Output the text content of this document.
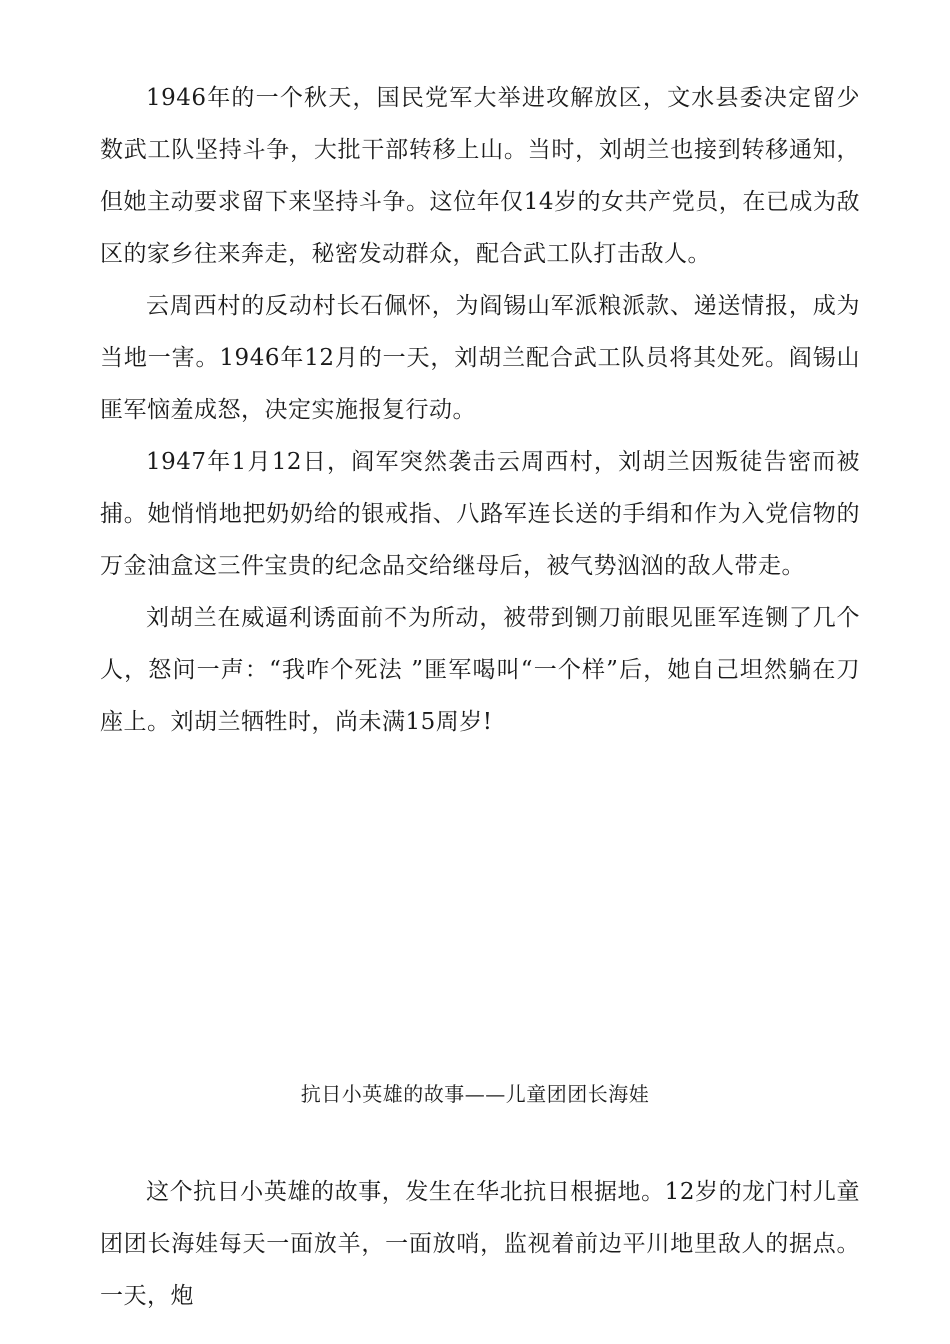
1946年的一个秋天，国民党军大举进攻解放区，文水县委决定留少数武工队坚持斗争，大批干部转移上山。当时，刘胡兰也接到转移通知，但她主动要求留下来坚持斗争。这位年仅14岁的女共产党员，在已成为敌区的家乡往来奔走，秘密发动群众，配合武工队打击敌人。

云周西村的反动村长石佩怀，为阎锡山军派粮派款、递送情报，成为当地一害。1946年12月的一天，刘胡兰配合武工队员将其处死。阎锡山匪军恼羞成怒，决定实施报复行动。

1947年1月12日，阎军突然袭击云周西村，刘胡兰因叛徒告密而被捕。她悄悄地把奶奶给的银戒指、八路军连长送的手绢和作为入党信物的万金油盒这三件宝贵的纪念品交给继母后，被气势汹汹的敌人带走。

刘胡兰在威逼利诱面前不为所动，被带到铡刀前眼见匪军连铡了几个人，怒问一声：“我咋个死法 ”匪军喝叫“一个样”后，她自己坦然躺在刀座上。刘胡兰牺牲时，尚未满15周岁!

抗日小英雄的故事——儿童团团长海娃

这个抗日小英雄的故事，发生在华北抗日根据地。12岁的龙门村儿童团团长海娃每天一面放羊，一面放哨，监视着前边平川地里敌人的据点。一天，炮
